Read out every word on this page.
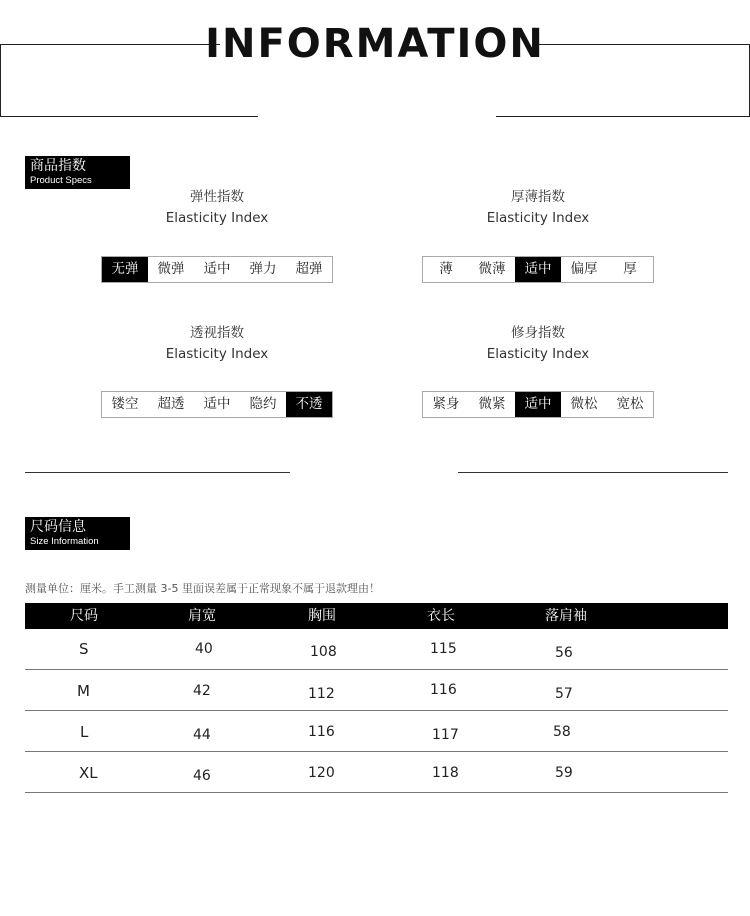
INFORMATION
商品指数
Product Specs
弹性指数
Elasticity Index
无弹	微弹	适中	弹力	超弹
厚薄指数
Elasticity Index
薄	微薄	适中	偏厚	厚
透视指数
Elasticity Index
镂空	超透	适中	隐约	不透
修身指数
Elasticity Index
紧身	微紧	适中	微松	宽松
尺码信息
Size Information
测量单位：厘米。手工测量 3-5 里面误差属于正常现象不属于退款理由！
尺码	肩宽	胸围	衣长	落肩袖
S	40	108	115	56
M	42	112	116	57
L	44	116	117	58
XL	46	120	118	59
